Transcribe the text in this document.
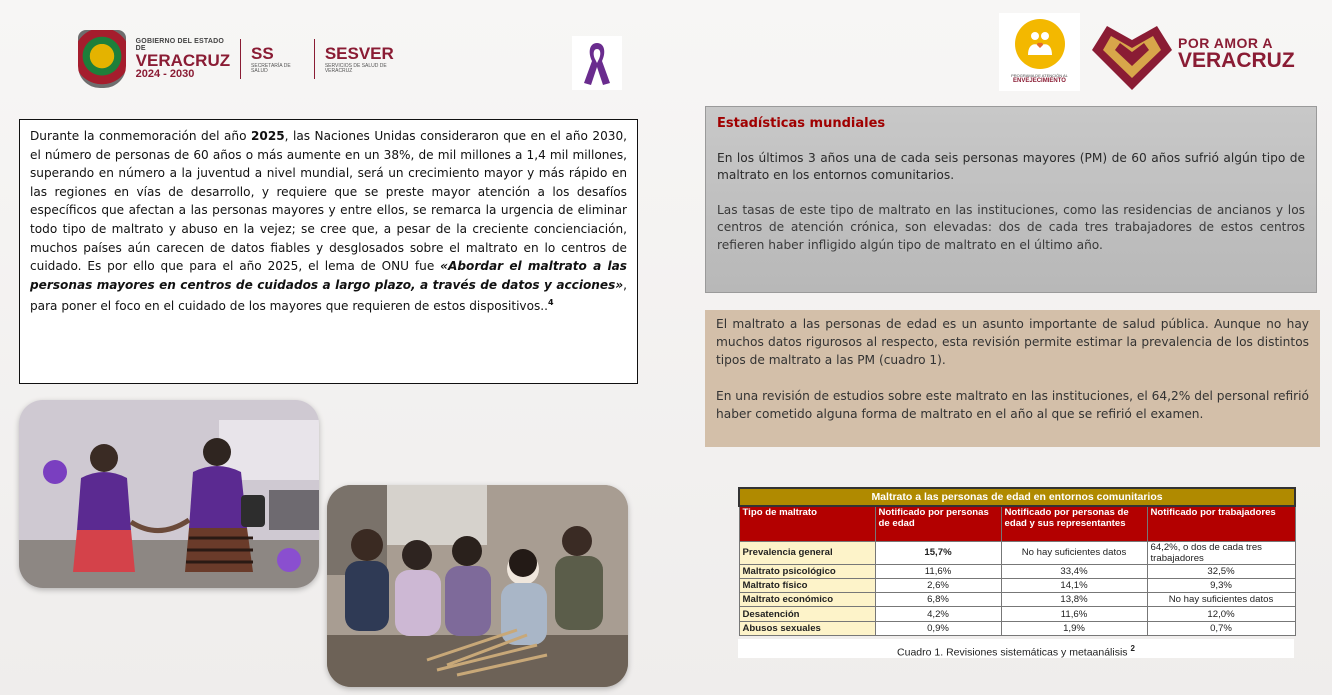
GOBIERNO DEL ESTADO DE
VERACRUZ
2024 - 2030
SS
SECRETARÍA DE SALUD
SESVER
SERVICIOS DE SALUD DE VERACRUZ
PROGRAMA DE ATENCIÓN AL
ENVEJECIMIENTO
POR AMOR A
VERACRUZ
Durante la conmemoración del año 2025, las Naciones Unidas consideraron que en el año 2030, el número de personas de 60 años o más aumente en un 38%, de mil millones a 1,4 mil millones, superando en número a la juventud a nivel mundial, será un crecimiento mayor y más rápido en las regiones en vías de desarrollo, y requiere que se preste mayor atención a los desafíos específicos que afectan a las personas mayores y entre ellos, se remarca la urgencia de eliminar todo tipo de maltrato y abuso en la vejez; se cree que, a pesar de la creciente concienciación, muchos países aún carecen de datos fiables y desglosados sobre el maltrato en lo centros de cuidado. Es por ello que para el año 2025, el lema de ONU fue «Abordar el maltrato a las personas mayores en centros de cuidados a largo plazo, a través de datos y acciones», para poner el foco en el cuidado de los mayores que requieren de estos dispositivos..$^4$
Estadísticas mundiales
En los últimos 3 años una de cada seis personas mayores (PM) de 60 años sufrió algún tipo de maltrato en los entornos comunitarios.
Las tasas de este tipo de maltrato en las instituciones, como las residencias de ancianos y los centros de atención crónica, son elevadas: dos de cada tres trabajadores de estos centros refieren haber infligido algún tipo de maltrato en el último año.
El maltrato a las personas de edad es un asunto importante de salud pública. Aunque no hay muchos datos rigurosos al respecto, esta revisión permite estimar la prevalencia de los distintos tipos de maltrato a las PM (cuadro 1).
En una revisión de estudios sobre este maltrato en las instituciones, el 64,2% del personal refirió haber cometido alguna forma de maltrato en el año al que se refirió el examen.
Maltrato a las personas de edad en entornos comunitarios			
Tipo de maltrato	Notificado por personas de edad	Notificado por personas de edad y sus representantes	Notificado por trabajadores
Prevalencia general	15,7%	No hay suficientes datos	64,2%, o dos de cada tres trabajadores
Maltrato psicológico	11,6%	33,4%	32,5%
Maltrato físico	2,6%	14,1%	9,3%
Maltrato económico	6,8%	13,8%	No hay suficientes datos
Desatención	4,2%	11,6%	12,0%
Abusos sexuales	0,9%	1,9%	0,7%
Cuadro 1. Revisiones sistemáticas y metaanálisis $^2$
